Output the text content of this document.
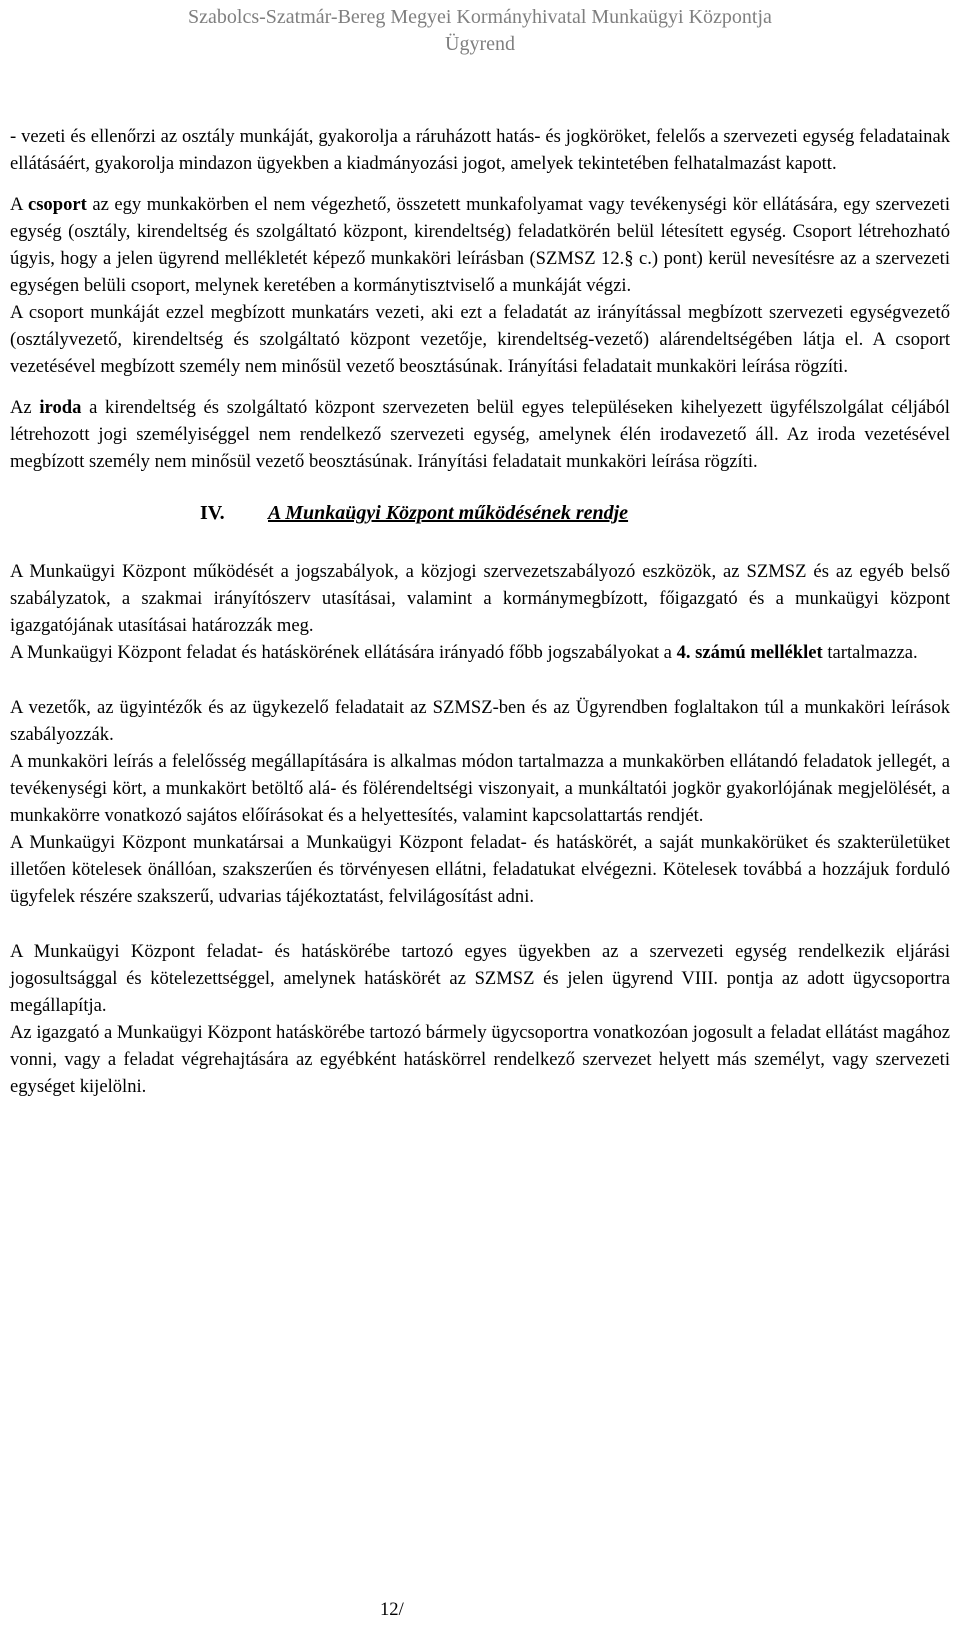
Szabolcs-Szatmár-Bereg Megyei Kormányhivatal Munkaügyi Központja
Ügyrend

- vezeti és ellenőrzi az osztály munkáját, gyakorolja a ráruházott hatás- és jogköröket, felelős a szervezeti egység feladatainak ellátásáért, gyakorolja mindazon ügyekben a kiadmányozási jogot, amelyek tekintetében felhatalmazást kapott.

A csoport az egy munkakörben el nem végezhető, összetett munkafolyamat vagy tevékenységi kör ellátására, egy szervezeti egység (osztály, kirendeltség és szolgáltató központ, kirendeltség) feladatkörén belül létesített egység. Csoport létrehozható úgyis, hogy a jelen ügyrend mellékletét képező munkaköri leírásban (SZMSZ 12.§ c.) pont) kerül nevesítésre az a szervezeti egységen belüli csoport, melynek keretében a kormánytisztviselő a munkáját végzi.

A csoport munkáját ezzel megbízott munkatárs vezeti, aki ezt a feladatát az irányítással megbízott szervezeti egységvezető (osztályvezető, kirendeltség és szolgáltató központ vezetője, kirendeltség-vezető) alárendeltségében látja el. A csoport vezetésével megbízott személy nem minősül vezető beosztásúnak. Irányítási feladatait munkaköri leírása rögzíti.

Az iroda a kirendeltség és szolgáltató központ szervezeten belül egyes településeken kihelyezett ügyfélszolgálat céljából létrehozott jogi személyiséggel nem rendelkező szervezeti egység, amelynek élén irodavezető áll. Az iroda vezetésével megbízott személy nem minősül vezető beosztásúnak. Irányítási feladatait munkaköri leírása rögzíti.

IV. A Munkaügyi Központ működésének rendje

A Munkaügyi Központ működését a jogszabályok, a közjogi szervezetszabályozó eszközök, az SZMSZ és az egyéb belső szabályzatok, a szakmai irányítószerv utasításai, valamint a kormánymegbízott, főigazgató és a munkaügyi központ igazgatójának utasításai határozzák meg.

A Munkaügyi Központ feladat és hatáskörének ellátására irányadó főbb jogszabályokat a 4. számú melléklet tartalmazza.

A vezetők, az ügyintézők és az ügykezelő feladatait az SZMSZ-ben és az Ügyrendben foglaltakon túl a munkaköri leírások szabályozzák.

A munkaköri leírás a felelősség megállapítására is alkalmas módon tartalmazza a munkakörben ellátandó feladatok jellegét, a tevékenységi kört, a munkakört betöltő alá- és fölérendeltségi viszonyait, a munkáltatói jogkör gyakorlójának megjelölését, a munkakörre vonatkozó sajátos előírásokat és a helyettesítés, valamint kapcsolattartás rendjét.

A Munkaügyi Központ munkatársai a Munkaügyi Központ feladat- és hatáskörét, a saját munkakörüket és szakterületüket illetően kötelesek önállóan, szakszerűen és törvényesen ellátni, feladatukat elvégezni. Kötelesek továbbá a hozzájuk forduló ügyfelek részére szakszerű, udvarias tájékoztatást, felvilágosítást adni.

A Munkaügyi Központ feladat- és hatáskörébe tartozó egyes ügyekben az a szervezeti egység rendelkezik eljárási jogosultsággal és kötelezettséggel, amelynek hatáskörét az SZMSZ és jelen ügyrend VIII. pontja az adott ügycsoportra megállapítja.

Az igazgató a Munkaügyi Központ hatáskörébe tartozó bármely ügycsoportra vonatkozóan jogosult a feladat ellátást magához vonni, vagy a feladat végrehajtására az egyébként hatáskörrel rendelkező szervezet helyett más személyt, vagy szervezeti egységet kijelölni.

12/
